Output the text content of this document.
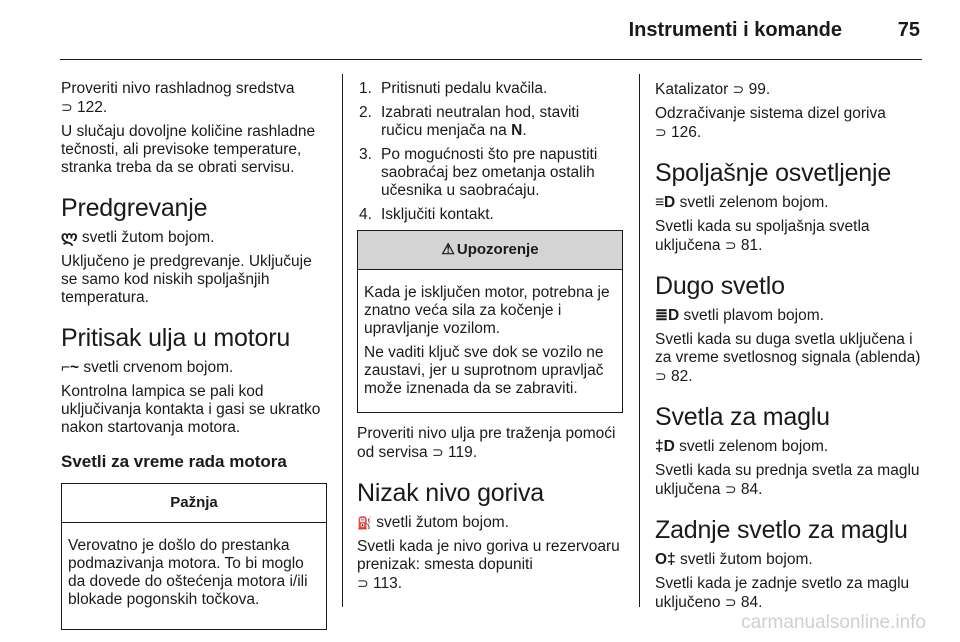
Instrumenti i komande	75

Proveriti nivo rashladnog sredstva
⊃ 122.

U slučaju dovoljne količine rashladne tečnosti, ali previsoke temperature, stranka treba da se obrati servisu.

Predgrevanje

ლ svetli žutom bojom.

Uključeno je predgrevanje. Uključuje se samo kod niskih spoljašnjih temperatura.

Pritisak ulja u motoru

⌐~ svetli crvenom bojom.

Kontrolna lampica se pali kod uključivanja kontakta i gasi se ukratko nakon startovanja motora.

Svetli za vreme rada motora
Pažnja

Verovatno je došlo do prestanka podmazivanja motora. To bi moglo da dovede do oštećenja motora i/ili blokade pogonskih točkova.

1. Pritisnuti pedalu kvačila.
2. Izabrati neutralan hod, staviti ručicu menjača na N.
3. Po mogućnosti što pre napustiti saobraćaj bez ometanja ostalih učesnika u saobraćaju.
4. Isključiti kontakt.
⚠ Upozorenje

Kada je isključen motor, potrebna je znatno veća sila za kočenje i upravljanje vozilom.

Ne vaditi ključ sve dok se vozilo ne zaustavi, jer u suprotnom upravljač može iznenada da se zabraviti.

Proveriti nivo ulja pre traženja pomoći od servisa ⊃ 119.

Nizak nivo goriva

⛽ svetli žutom bojom.

Svetli kada je nivo goriva u rezervoaru prenizak: smesta dopuniti
⊃ 113.

Katalizator ⊃ 99.

Odzračivanje sistema dizel goriva
⊃ 126.

Spoljašnje osvetljenje

≡D svetli zelenom bojom.

Svetli kada su spoljašnja svetla uključena ⊃ 81.

Dugo svetlo

≣D svetli plavom bojom.

Svetli kada su duga svetla uključena i za vreme svetlosnog signala (ablenda) ⊃ 82.

Svetla za maglu

‡D svetli zelenom bojom.

Svetli kada su prednja svetla za maglu uključena ⊃ 84.

Zadnje svetlo za maglu

O‡ svetli žutom bojom.

Svetli kada je zadnje svetlo za maglu uključeno ⊃ 84.

carmanualsonline.info
